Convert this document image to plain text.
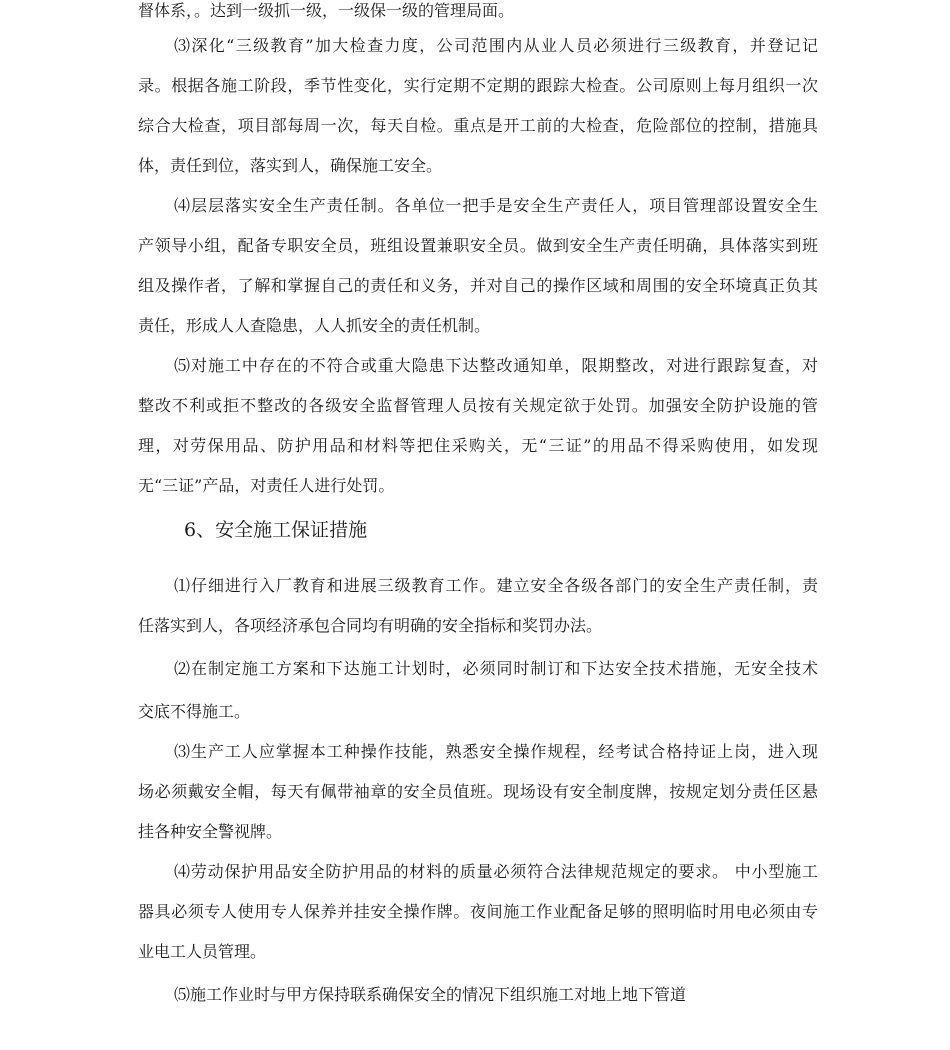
督体系，。达到一级抓一级，一级保一级的管理局面。
⑶深化“三级教育”加大检查力度，公司范围内从业人员必须进行三级教育，并登记记
录。根据各施工阶段，季节性变化，实行定期不定期的跟踪大检查。公司原则上每月组织一次
综合大检查，项目部每周一次，每天自检。重点是开工前的大检查，危险部位的控制，措施具
体，责任到位，落实到人，确保施工安全。
⑷层层落实安全生产责任制。各单位一把手是安全生产责任人，项目管理部设置安全生
产领导小组，配备专职安全员，班组设置兼职安全员。做到安全生产责任明确，具体落实到班
组及操作者，了解和掌握自己的责任和义务，并对自己的操作区域和周围的安全环境真正负其
责任，形成人人查隐患，人人抓安全的责任机制。
⑸对施工中存在的不符合或重大隐患下达整改通知单，限期整改，对进行跟踪复查，对
整改不利或拒不整改的各级安全监督管理人员按有关规定欲于处罚。加强安全防护设施的管
理，对劳保用品、防护用品和材料等把住采购关，无“三证”的用品不得采购使用，如发现
无“三证”产品，对责任人进行处罚。
6、安全施工保证措施
⑴仔细进行入厂教育和进展三级教育工作。建立安全各级各部门的安全生产责任制，责
任落实到人，各项经济承包合同均有明确的安全指标和奖罚办法。
⑵在制定施工方案和下达施工计划时，必须同时制订和下达安全技术措施，无安全技术
交底不得施工。
⑶生产工人应掌握本工种操作技能，熟悉安全操作规程，经考试合格持证上岗，进入现
场必须戴安全帽，每天有佩带袖章的安全员值班。现场设有安全制度牌，按规定划分责任区悬
挂各种安全警视牌。
⑷劳动保护用品安全防护用品的材料的质量必须符合法律规范规定的要求。 中小型施工
器具必须专人使用专人保养并挂安全操作牌。夜间施工作业配备足够的照明临时用电必须由专
业电工人员管理。
⑸施工作业时与甲方保持联系确保安全的情况下组织施工对地上地下管道
